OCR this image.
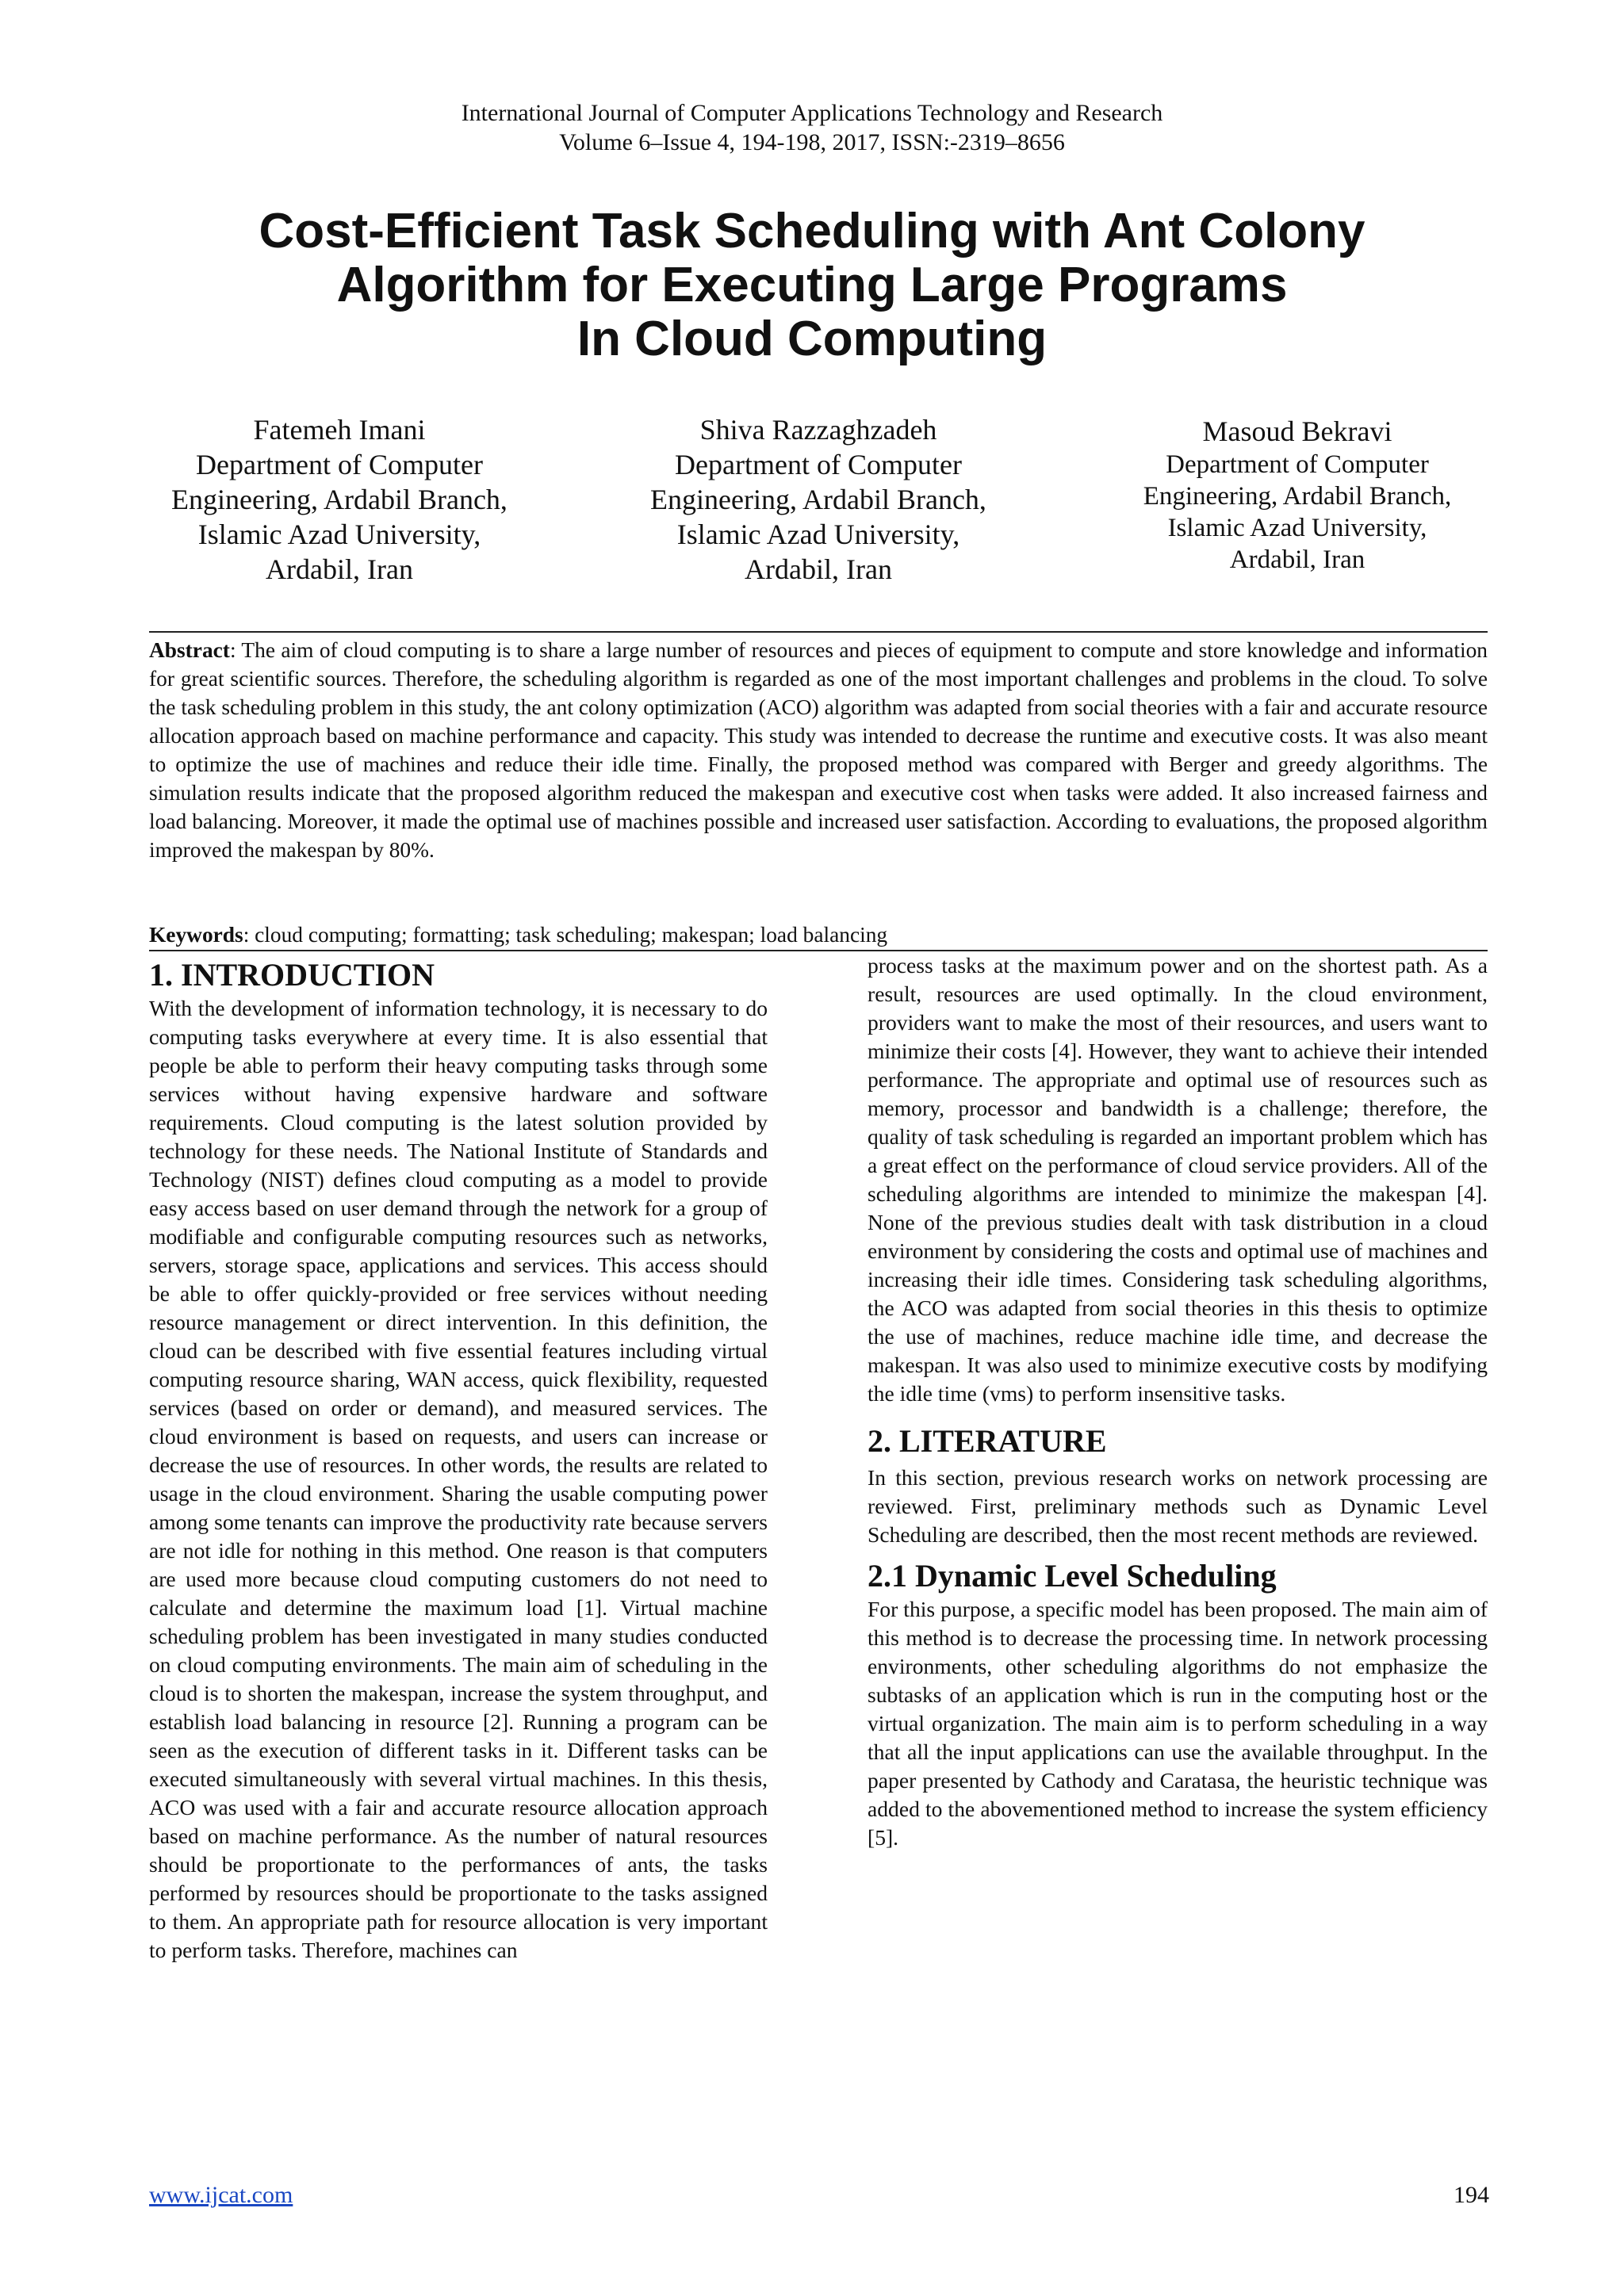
International Journal of Computer Applications Technology and Research
Volume 6–Issue 4, 194-198, 2017, ISSN:-2319–8656
Cost-Efficient Task Scheduling with Ant Colony
Algorithm for Executing Large Programs
In Cloud Computing
Fatemeh Imani
Department of Computer
Engineering, Ardabil Branch,
Islamic Azad University,
Ardabil, Iran
Shiva Razzaghzadeh
Department of Computer
Engineering, Ardabil Branch,
Islamic Azad University,
Ardabil, Iran
Masoud Bekravi
Department of Computer
Engineering, Ardabil Branch,
Islamic Azad University,
Ardabil, Iran
Abstract: The aim of cloud computing is to share a large number of resources and pieces of equipment to compute and store knowledge and information for great scientific sources. Therefore, the scheduling algorithm is regarded as one of the most important challenges and problems in the cloud. To solve the task scheduling problem in this study, the ant colony optimization (ACO) algorithm was adapted from social theories with a fair and accurate resource allocation approach based on machine performance and capacity. This study was intended to decrease the runtime and executive costs. It was also meant to optimize the use of machines and reduce their idle time. Finally, the proposed method was compared with Berger and greedy algorithms. The simulation results indicate that the proposed algorithm reduced the makespan and executive cost when tasks were added. It also increased fairness and load balancing. Moreover, it made the optimal use of machines possible and increased user satisfaction. According to evaluations, the proposed algorithm improved the makespan by 80%.
Keywords: cloud computing; formatting; task scheduling; makespan; load balancing
1. INTRODUCTION

With the development of information technology, it is necessary to do computing tasks everywhere at every time. It is also essential that people be able to perform their heavy computing tasks through some services without having expensive hardware and software requirements. Cloud computing is the latest solution provided by technology for these needs. The National Institute of Standards and Technology (NIST) defines cloud computing as a model to provide easy access based on user demand through the network for a group of modifiable and configurable computing resources such as networks, servers, storage space, applications and services. This access should be able to offer quickly-provided or free services without needing resource management or direct intervention. In this definition, the cloud can be described with five essential features including virtual computing resource sharing, WAN access, quick flexibility, requested services (based on order or demand), and measured services. The cloud environment is based on requests, and users can increase or decrease the use of resources. In other words, the results are related to usage in the cloud environment. Sharing the usable computing power among some tenants can improve the productivity rate because servers are not idle for nothing in this method. One reason is that computers are used more because cloud computing customers do not need to calculate and determine the maximum load [1]. Virtual machine scheduling problem has been investigated in many studies conducted on cloud computing environments. The main aim of scheduling in the cloud is to shorten the makespan, increase the system throughput, and establish load balancing in resource [2]. Running a program can be seen as the execution of different tasks in it. Different tasks can be executed simultaneously with several virtual machines. In this thesis, ACO was used with a fair and accurate resource allocation approach based on machine performance. As the number of natural resources should be proportionate to the performances of ants, the tasks performed by resources should be proportionate to the tasks assigned to them. An appropriate path for resource allocation is very important to perform tasks. Therefore, machines can

process tasks at the maximum power and on the shortest path. As a result, resources are used optimally. In the cloud environment, providers want to make the most of their resources, and users want to minimize their costs [4]. However, they want to achieve their intended performance. The appropriate and optimal use of resources such as memory, processor and bandwidth is a challenge; therefore, the quality of task scheduling is regarded an important problem which has a great effect on the performance of cloud service providers. All of the scheduling algorithms are intended to minimize the makespan [4]. None of the previous studies dealt with task distribution in a cloud environment by considering the costs and optimal use of machines and increasing their idle times. Considering task scheduling algorithms, the ACO was adapted from social theories in this thesis to optimize the use of machines, reduce machine idle time, and decrease the makespan. It was also used to minimize executive costs by modifying the idle time (vms) to perform insensitive tasks.

2. LITERATURE

In this section, previous research works on network processing are reviewed. First, preliminary methods such as Dynamic Level Scheduling are described, then the most recent methods are reviewed.

2.1 Dynamic Level Scheduling

For this purpose, a specific model has been proposed. The main aim of this method is to decrease the processing time. In network processing environments, other scheduling algorithms do not emphasize the subtasks of an application which is run in the computing host or the virtual organization. The main aim is to perform scheduling in a way that all the input applications can use the available throughput. In the paper presented by Cathody and Caratasa, the heuristic technique was added to the abovementioned method to increase the system efficiency [5].

www.ijcat.com	194
